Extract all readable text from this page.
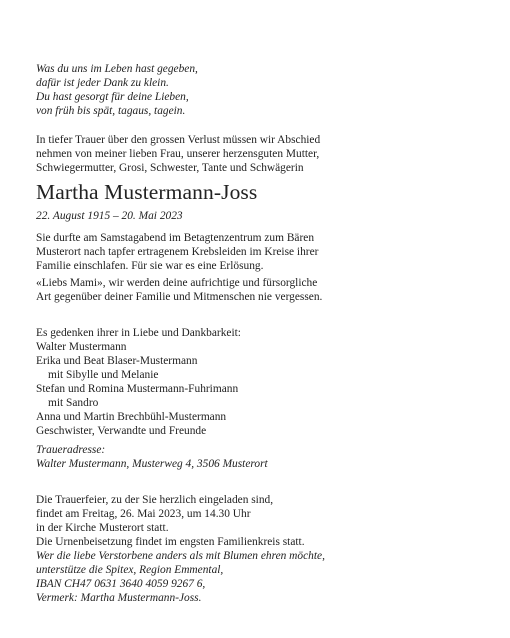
Was du uns im Leben hast gegeben,
dafür ist jeder Dank zu klein.
Du hast gesorgt für deine Lieben,
von früh bis spät, tagaus, tagein.
In tiefer Trauer über den grossen Verlust müssen wir Abschied
nehmen von meiner lieben Frau, unserer herzensguten Mutter,
Schwiegermutter, Grosi, Schwester, Tante und Schwägerin
Martha Mustermann-Joss
22. August 1915 – 20. Mai 2023
Sie durfte am Samstagabend im Betagtenzentrum zum Bären
Musterort nach tapfer ertragenem Krebsleiden im Kreise ihrer
Familie einschlafen. Für sie war es eine Erlösung.
«Liebs Mami», wir werden deine aufrichtige und fürsorgliche
Art gegenüber deiner Familie und Mitmenschen nie vergessen.
Es gedenken ihrer in Liebe und Dankbarkeit:
Walter Mustermann
Erika und Beat Blaser-Mustermann
mit Sibylle und Melanie
Stefan und Romina Mustermann-Fuhrimann
mit Sandro
Anna und Martin Brechbühl-Mustermann
Geschwister, Verwandte und Freunde
Traueradresse:
Walter Mustermann, Musterweg 4, 3506 Musterort
Die Trauerfeier, zu der Sie herzlich eingeladen sind,
findet am Freitag, 26. Mai 2023, um 14.30 Uhr
in der Kirche Musterort statt.
Die Urnenbeisetzung findet im engsten Familienkreis statt.
Wer die liebe Verstorbene anders als mit Blumen ehren möchte,
unterstütze die Spitex, Region Emmental,
IBAN CH47 0631 3640 4059 9267 6,
Vermerk: Martha Mustermann-Joss.
